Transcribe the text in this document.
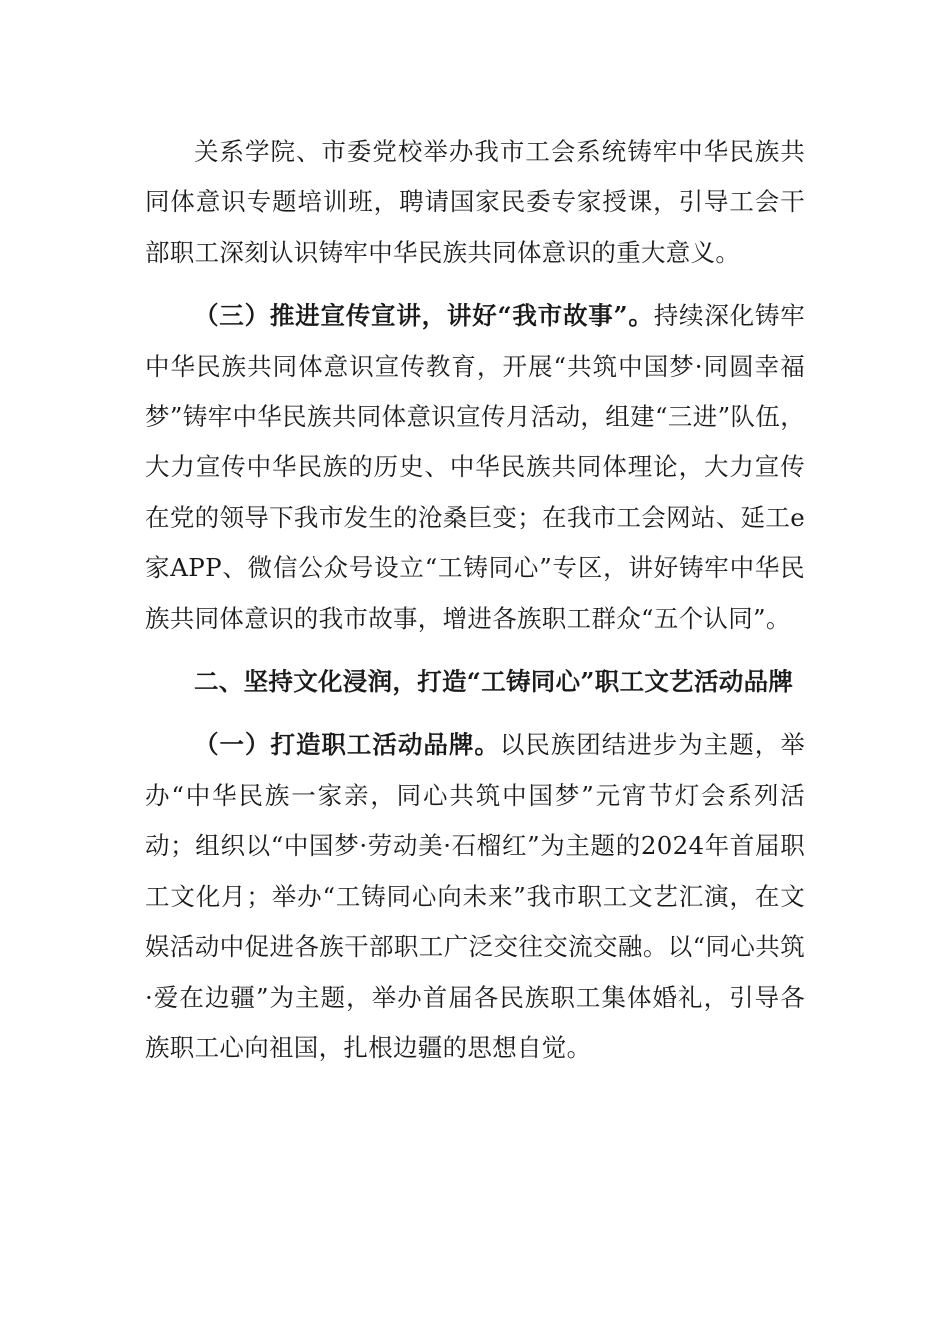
关系学院、市委党校举办我市工会系统铸牢中华民族共同体意识专题培训班，聘请国家民委专家授课，引导工会干部职工深刻认识铸牢中华民族共同体意识的重大意义。

（三）推进宣传宣讲，讲好“我市故事”。持续深化铸牢中华民族共同体意识宣传教育，开展“共筑中国梦·同圆幸福梦”铸牢中华民族共同体意识宣传月活动，组建“三进”队伍，大力宣传中华民族的历史、中华民族共同体理论，大力宣传在党的领导下我市发生的沧桑巨变；在我市工会网站、延工e家APP、微信公众号设立“工铸同心”专区，讲好铸牢中华民族共同体意识的我市故事，增进各族职工群众“五个认同”。

二、坚持文化浸润，打造“工铸同心”职工文艺活动品牌

（一）打造职工活动品牌。以民族团结进步为主题，举办“中华民族一家亲，同心共筑中国梦”元宵节灯会系列活动；组织以“中国梦·劳动美·石榴红”为主题的2024年首届职工文化月；举办“工铸同心向未来”我市职工文艺汇演，在文娱活动中促进各族干部职工广泛交往交流交融。以“同心共筑·爱在边疆”为主题，举办首届各民族职工集体婚礼，引导各族职工心向祖国，扎根边疆的思想自觉。
